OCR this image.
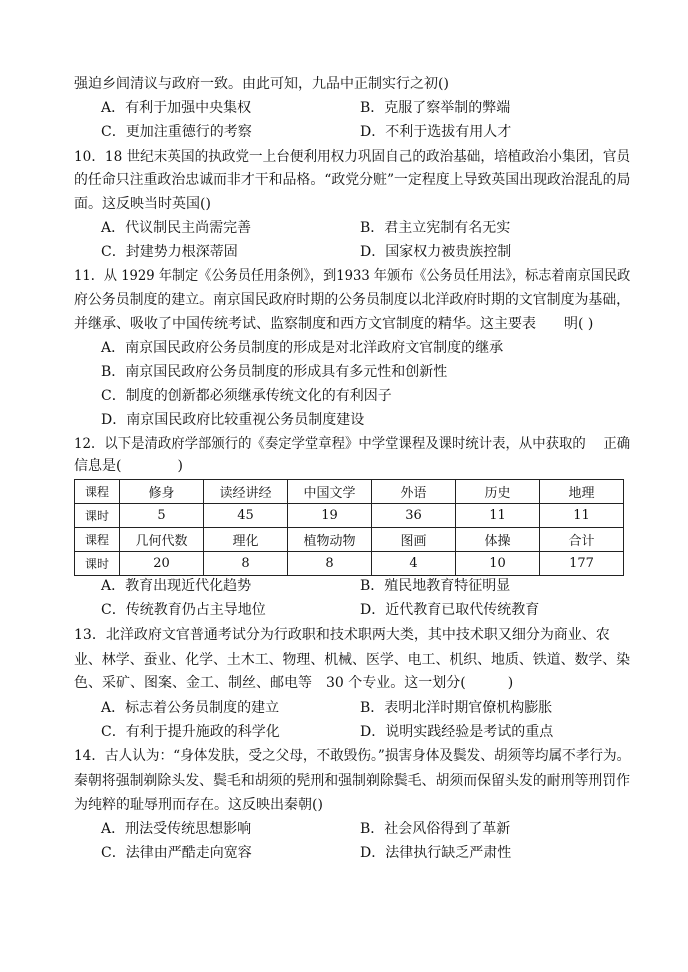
强迫乡闾清议与政府一致。由此可知，九品中正制实行之初()
A．有利于加强中央集权	B．克服了察举制的弊端
C．更加注重德行的考察	D．不利于选拔有用人才
10．18 世纪末英国的执政党一上台便利用权力巩固自己的政治基础，培植政治小集团，官员
的任命只注重政治忠诚而非才干和品格。“政党分赃”一定程度上导致英国出现政治混乱的局
面。这反映当时英国()
A．代议制民主尚需完善	B．君主立宪制有名无实
C．封建势力根深蒂固	D．国家权力被贵族控制
11．从 1929 年制定《公务员任用条例》，到1933 年颁布《公务员任用法》，标志着南京国民政
府公务员制度的建立。南京国民政府时期的公务员制度以北洋政府时期的文官制度为基础，
并继承、吸收了中国传统考试、监察制度和西方文官制度的精华。这主要表　　明( )
A．南京国民政府公务员制度的形成是对北洋政府文官制度的继承
B．南京国民政府公务员制度的形成具有多元性和创新性
C．制度的创新都必须继承传统文化的有利因子
D．南京国民政府比较重视公务员制度建设
12．以下是清政府学部颁行的《奏定学堂章程》中学堂课程及课时统计表，从中获取的　 正确
信息是(　　　　)
课程	修身	读经讲经	中国文学	外语	历史	地理
课时	5	45	19	36	11	11
课程	几何代数	理化	植物动物	图画	体操	合计
课时	20	8	8	4	10	177
A．教育出现近代化趋势	B．殖民地教育特征明显
C．传统教育仍占主导地位	D．近代教育已取代传统教育
13．北洋政府文官普通考试分为行政职和技术职两大类，其中技术职又细分为商业、农
业、林学、蚕业、化学、土木工、物理、机械、医学、电工、机织、地质、铁道、数学、染
色、采矿、图案、金工、制丝、邮电等　30 个专业。这一划分(　　　)
A．标志着公务员制度的建立	B．表明北洋时期官僚机构膨胀
C．有利于提升施政的科学化	D．说明实践经验是考试的重点
14．古人认为：“身体发肤，受之父母，不敢毁伤。”损害身体及鬓发、胡须等均属不孝行为。
秦朝将强制剃除头发、鬓毛和胡须的髡刑和强制剃除鬓毛、胡须而保留头发的耐刑等刑罚作
为纯粹的耻辱刑而存在。这反映出秦朝()
A．刑法受传统思想影响	B．社会风俗得到了革新
C．法律由严酷走向宽容	D．法律执行缺乏严肃性
